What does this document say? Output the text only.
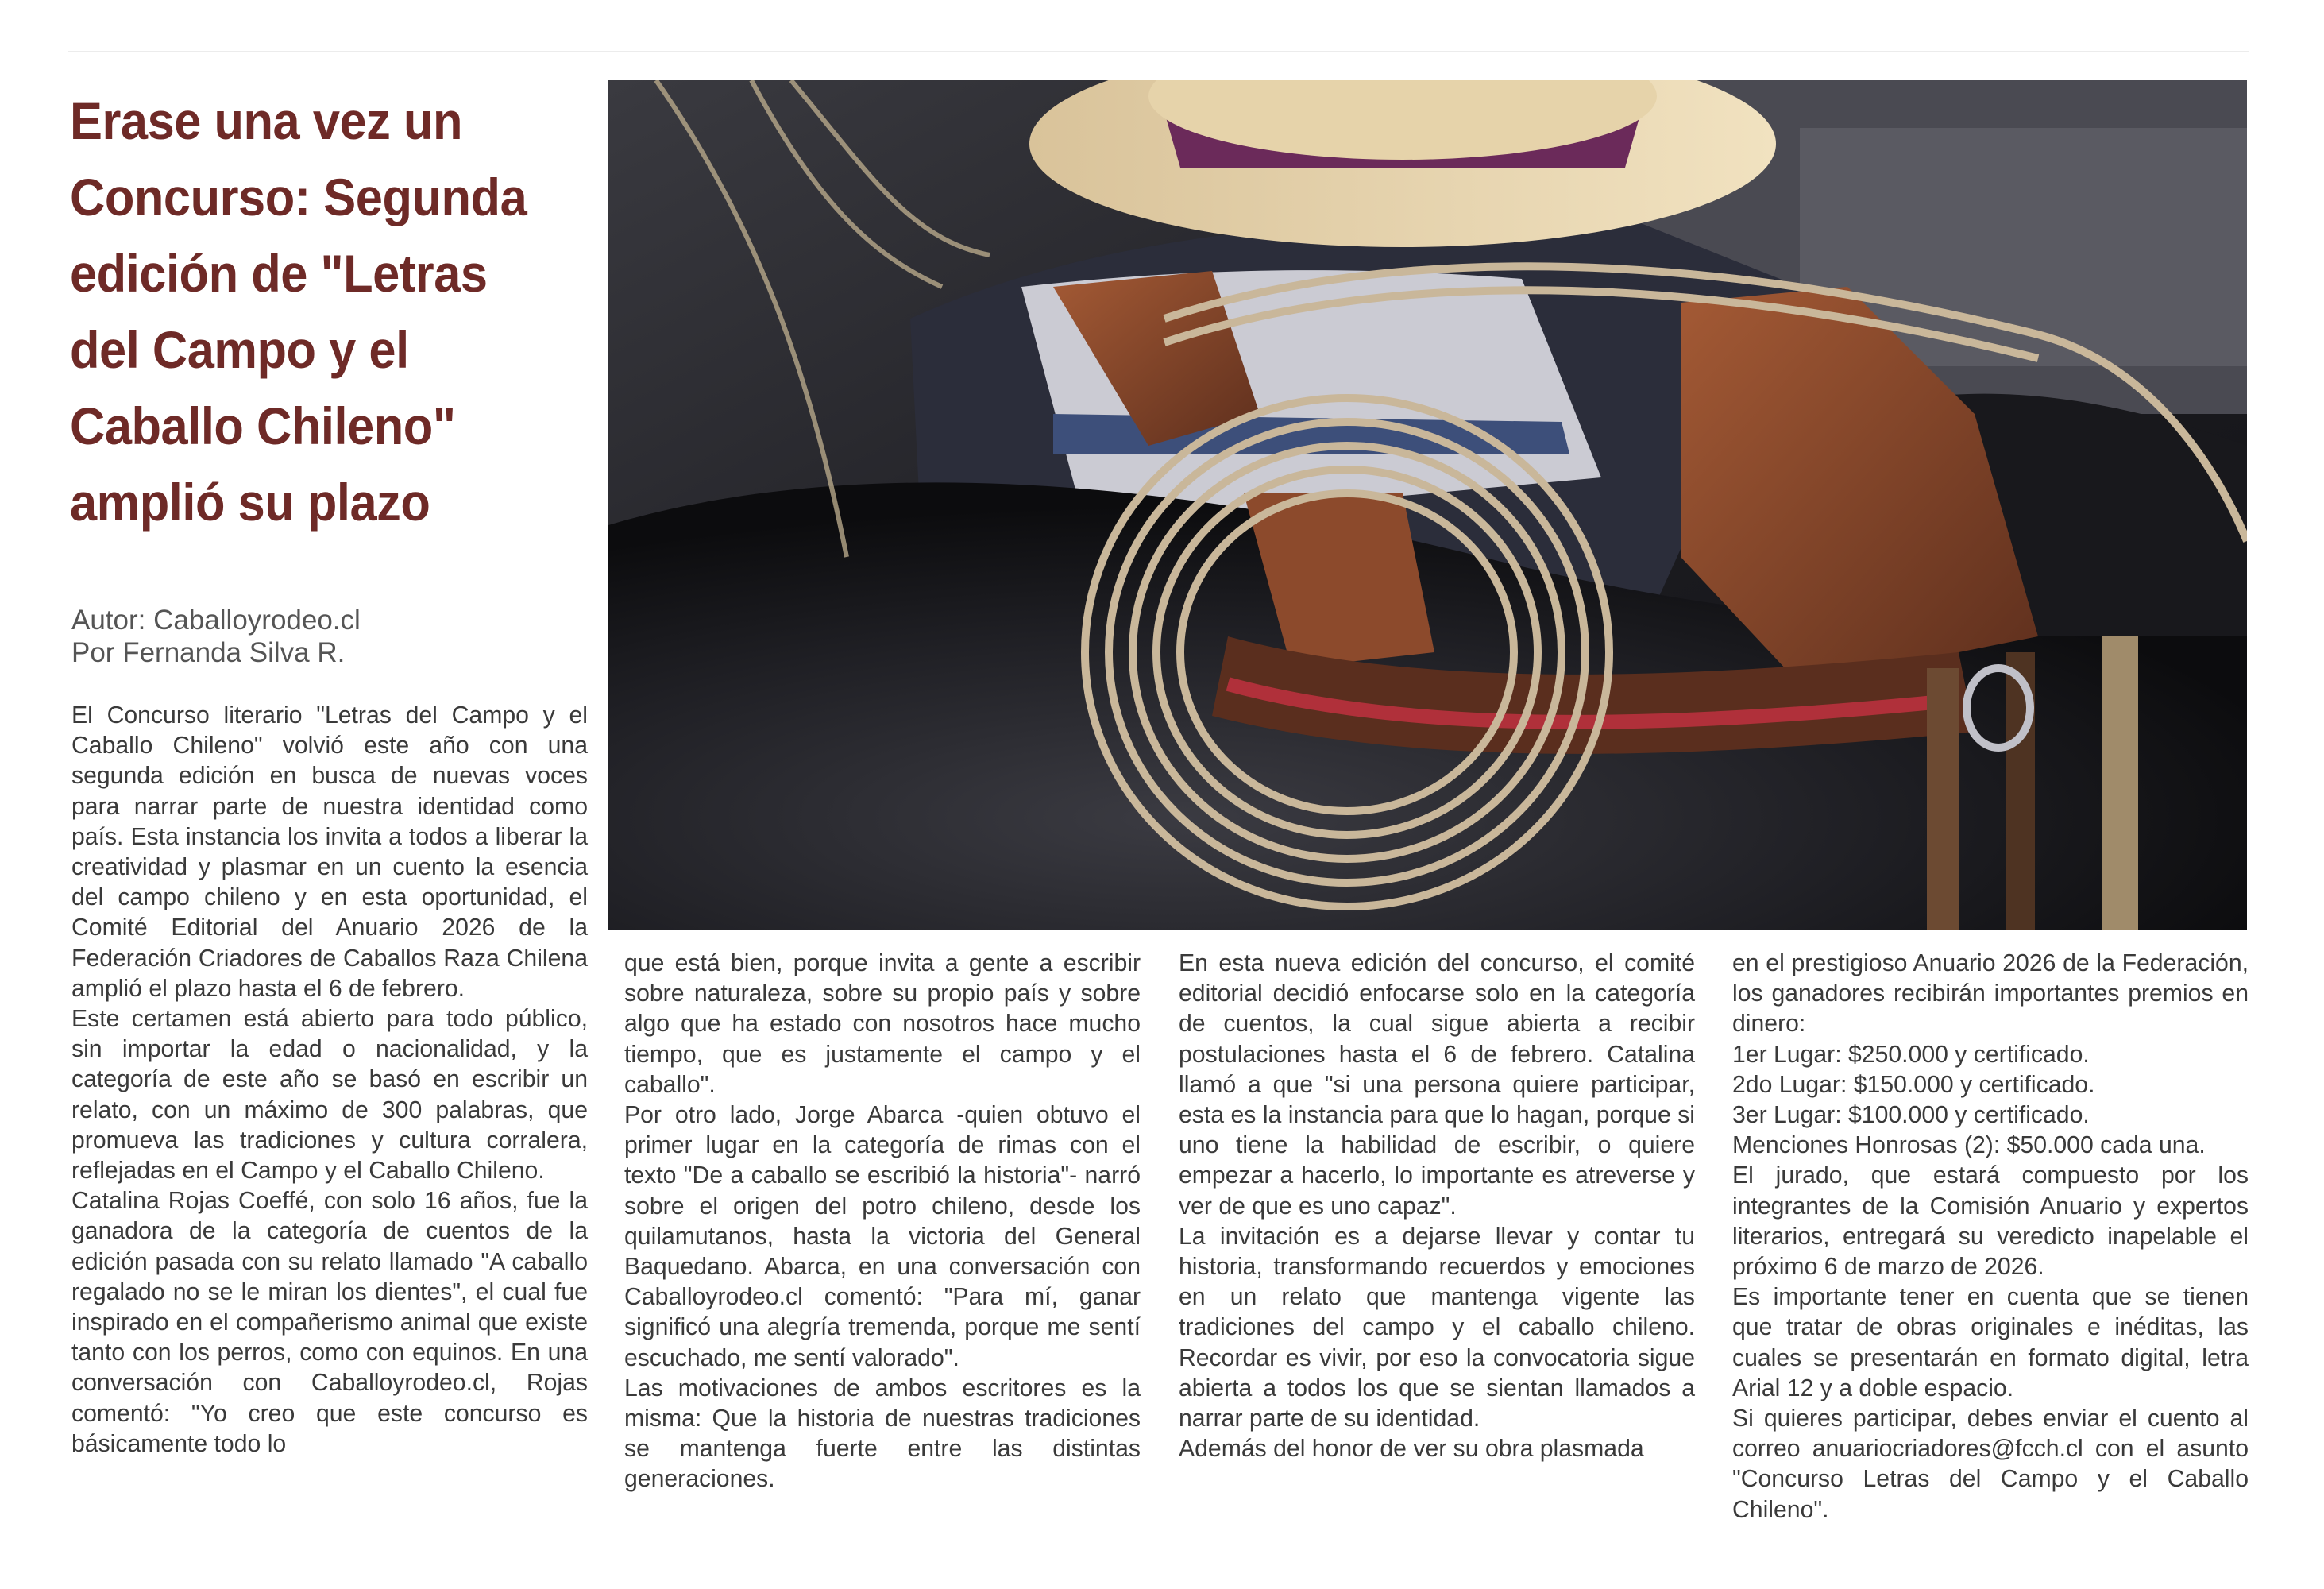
Erase una vez un
Concurso: Segunda
edición de "Letras
del Campo y el
Caballo Chileno"
amplió su plazo
Autor: Caballoyrodeo.cl
Por Fernanda Silva R.

El Concurso literario "Letras del Campo y el Caballo Chileno" volvió este año con una segunda edición en busca de nuevas voces para narrar parte de nuestra identidad como país. Esta instancia los invita a todos a liberar la creatividad y plasmar en un cuento la esencia del campo chileno y en esta oportunidad, el Comité Editorial del Anuario 2026 de la Federación Criadores de Caballos Raza Chilena amplió el plazo hasta el 6 de febrero.

Este certamen está abierto para todo público, sin importar la edad o nacionalidad, y la categoría de este año se basó en escribir un relato, con un máximo de 300 palabras, que promueva las tradiciones y cultura corralera, reflejadas en el Campo y el Caballo Chileno.

Catalina Rojas Coeffé, con solo 16 años, fue la ganadora de la categoría de cuentos de la edición pasada con su relato llamado "A caballo regalado no se le miran los dientes", el cual fue inspirado en el compañerismo animal que existe tanto con los perros, como con equinos. En una conversación con Caballoyrodeo.cl, Rojas comentó: "Yo creo que este concurso es básicamente todo lo

que está bien, porque invita a gente a escribir sobre naturaleza, sobre su propio país y sobre algo que ha estado con nosotros hace mucho tiempo, que es justamente el campo y el caballo".

Por otro lado, Jorge Abarca -quien obtuvo el primer lugar en la categoría de rimas con el texto "De a caballo se escribió la historia"- narró sobre el origen del potro chileno, desde los quilamutanos, hasta la victoria del General Baquedano. Abarca, en una conversación con Caballoyrodeo.cl comentó: "Para mí, ganar significó una alegría tremenda, porque me sentí escuchado, me sentí valorado".

Las motivaciones de ambos escritores es la misma: Que la historia de nuestras tradiciones se mantenga fuerte entre las distintas generaciones.

En esta nueva edición del concurso, el comité editorial decidió enfocarse solo en la categoría de cuentos, la cual sigue abierta a recibir postulaciones hasta el 6 de febrero. Catalina llamó a que "si una persona quiere participar, esta es la instancia para que lo hagan, porque si uno tiene la habilidad de escribir, o quiere empezar a hacerlo, lo importante es atreverse y ver de que es uno capaz".

La invitación es a dejarse llevar y contar tu historia, transformando recuerdos y emociones en un relato que mantenga vigente las tradiciones del campo y el caballo chileno. Recordar es vivir, por eso la convocatoria sigue abierta a todos los que se sientan llamados a narrar parte de su identidad.

Además del honor de ver su obra plasmada

en el prestigioso Anuario 2026 de la Federación, los ganadores recibirán importantes premios en dinero:

1er Lugar: $250.000 y certificado.

2do Lugar: $150.000 y certificado.

3er Lugar: $100.000 y certificado.

Menciones Honrosas (2): $50.000 cada una.

El jurado, que estará compuesto por los integrantes de la Comisión Anuario y expertos literarios, entregará su veredicto inapelable el próximo 6 de marzo de 2026.

Es importante tener en cuenta que se tienen que tratar de obras originales e inéditas, las cuales se presentarán en formato digital, letra Arial 12 y a doble espacio.

Si quieres participar, debes enviar el cuento al correo anuariocriadores@fcch.cl con el asunto "Concurso Letras del Campo y el Caballo Chileno".
